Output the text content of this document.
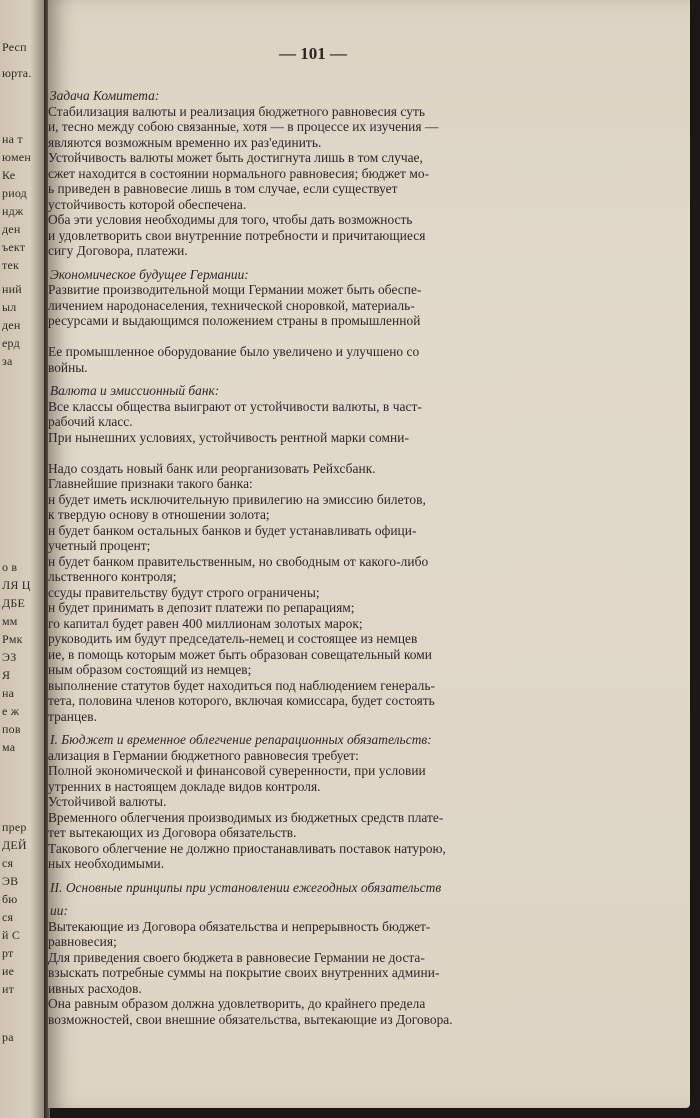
Респ
юрта.
на т
юмен
Ке
риод
ндж
ден
ъект
тек
ний
ыл
ден
ерд
за
о в
ЛЯ Ц
ДБЕ
мм
Рмк
ЭЗ
Я
на
е ж
пов
ма
прер
ДЕЙ
ся
ЭВ
бю
ся
й С
рт
ие
ит
ра
— 101 —
Задача Комитета:
Стабилизация валюты и реализация бюджетного равновесия суть
и, тесно между собою связанные, хотя — в процессе их изучения —
являются возможным временно их раз'единить.
Устойчивость валюты может быть достигнута лишь в том случае,
сжет находится в состоянии нормального равновесия; бюджет мо-
ь приведен в равновесие лишь в том случае, если существует
устойчивость которой обеспечена.
Оба эти условия необходимы для того, чтобы дать возможность
и удовлетворить свои внутренние потребности и причитающиеся
сигу Договора, платежи.
Экономическое будущее Германии:
Развитие производительной мощи Германии может быть обеспе-
личением народонаселения, технической сноровкой, материаль-
ресурсами и выдающимся положением страны в промышленной
Ее промышленное оборудование было увеличено и улучшено со
войны.
Валюта и эмиссионный банк:
Все классы общества выиграют от устойчивости валюты, в част-
рабочий класс.
При нынешних условиях, устойчивость рентной марки сомни-
Надо создать новый банк или реорганизовать Рейхсбанк.
Главнейшие признаки такого банка:
н будет иметь исключительную привилегию на эмиссию билетов,
к твердую основу в отношении золота;
н будет банком остальных банков и будет устанавливать офици-
учетный процент;
н будет банком правительственным, но свободным от какого-либо
льственного контроля;
ссуды правительству будут строго ограничены;
н будет принимать в депозит платежи по репарациям;
го капитал будет равен 400 миллионам золотых марок;
руководить им будут председатель-немец и состоящее из немцев
ие, в помощь которым может быть образован совещательный коми
ным образом состоящий из немцев;
выполнение статутов будет находиться под наблюдением генераль-
тета, половина членов которого, включая комиссара, будет состоять
транцев.
I. Бюджет и временное облегчение репарационных обязательств:
ализация в Германии бюджетного равновесия требует:
Полной экономической и финансовой суверенности, при условии
утренних в настоящем докладе видов контроля.
Устойчивой валюты.
Временного облегчения производимых из бюджетных средств плате-
тет вытекающих из Договора обязательств.
Такового облегчение не должно приостанавливать поставок натурою,
ных необходимыми.
II. Основные принципы при установлении ежегодных обязательств
ии:
Вытекающие из Договора обязательства и непрерывность бюджет-
равновесия;
Для приведения своего бюджета в равновесие Германии не доста-
взыскать потребные суммы на покрытие своих внутренних админи-
ивных расходов.
Она равным образом должна удовлетворить, до крайнего предела
возможностей, свои внешние обязательства, вытекающие из Договора.
